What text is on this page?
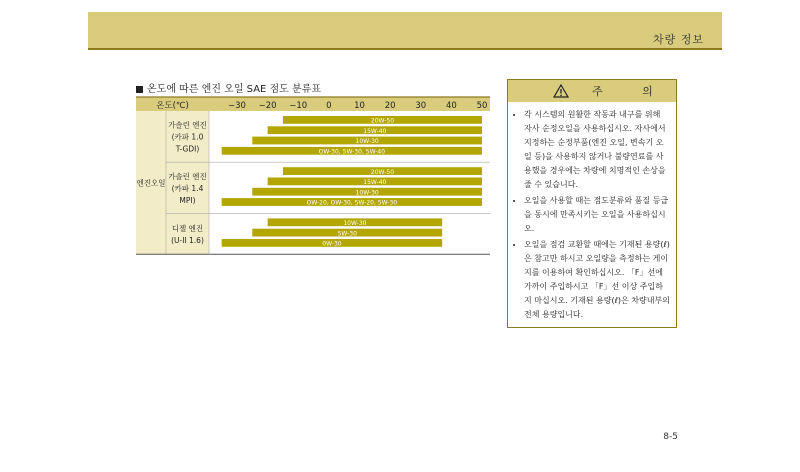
차량 정보
온도에 따른 엔진 오일 SAE 점도 분류표
온도(℃)	−30 −20 −10 0	10 20 30 40 50
엔진오일
가솔린 엔진
(카파 1.0
T-GDI)
20W-50
15W-40
10W-30
OW-30, 5W-30, 5W-40
가솔린 엔진
(카파 1.4
MPI)
20W-50
15W-40
10W-30
OW-20, OW-30, 5W-20, 5W-30
디젤 엔진
(U-II 1.6)
10W-30
5W-30
0W-30
주 의
• 각 시스템의 원활한 작동과 내구를 위해 자사 순정오일을 사용하십시오. 자사에서 지정하는 순정부품(엔진 오일, 변속기 오일 등)을 사용하지 않거나 불량연료를 사용했을 경우에는 차량에 치명적인 손상을 줄 수 있습니다.
• 오일을 사용할 때는 점도분류와 품질 등급을 동시에 만족시키는 오일을 사용하십시오.
• 오일을 점검 교환할 때에는 기재된 용량(ℓ)은 참고만 하시고 오일량을 측정하는 게이지를 이용하여 확인하십시오. 「F」선에 가까이 주입하시고 「F」선 이상 주입하지 마십시오. 기재된 용량(ℓ)은 차량내부의 전체 용량입니다.
8-5
